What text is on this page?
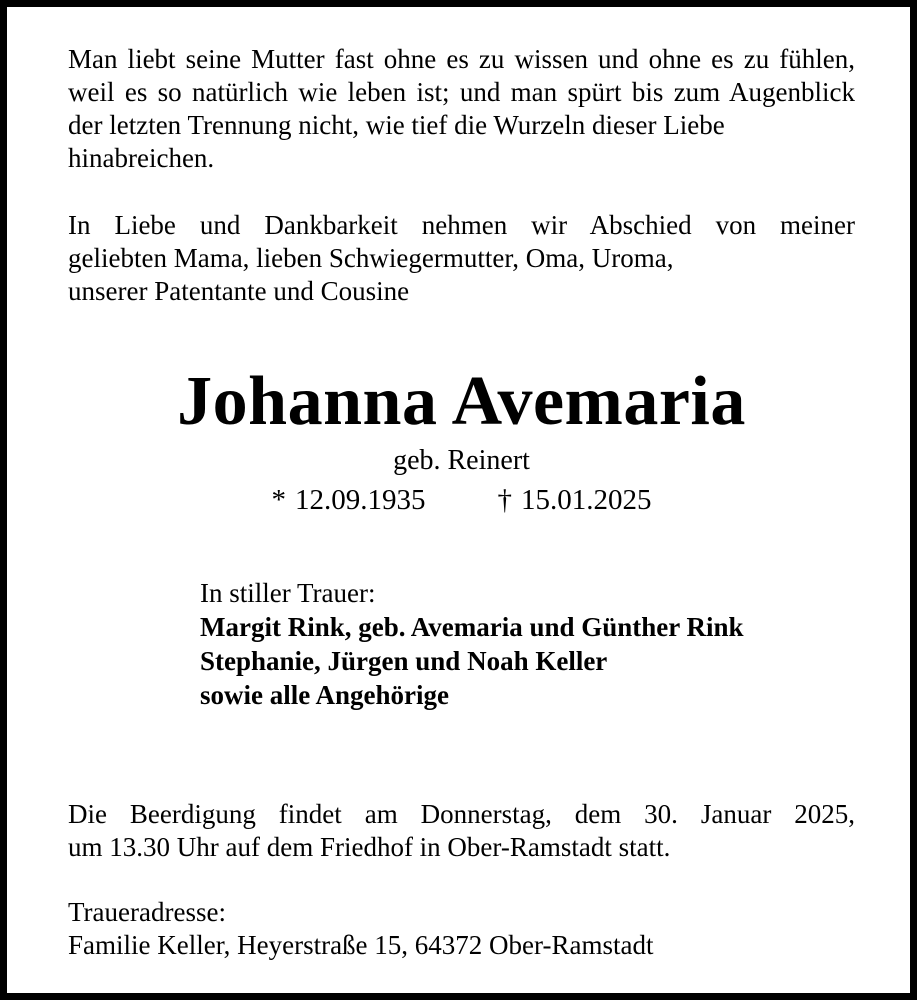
Man liebt seine Mutter fast ohne es zu wissen und ohne es zu fühlen,
weil es so natürlich wie leben ist; und man spürt bis zum Augenblick
der letzten Trennung nicht, wie tief die Wurzeln dieser Liebe
hinabreichen.
In Liebe und Dankbarkeit nehmen wir Abschied von meiner
geliebten Mama, lieben Schwiegermutter, Oma, Uroma,
unserer Patentante und Cousine
Johanna Avemaria
geb. Reinert
* 12.09.1935 † 15.01.2025
In stiller Trauer:
Margit Rink, geb. Avemaria und Günther Rink
Stephanie, Jürgen und Noah Keller
sowie alle Angehörige
Die Beerdigung findet am Donnerstag, dem 30. Januar 2025,
um 13.30 Uhr auf dem Friedhof in Ober-Ramstadt statt.
Traueradresse:
Familie Keller, Heyerstraße 15, 64372 Ober-Ramstadt
